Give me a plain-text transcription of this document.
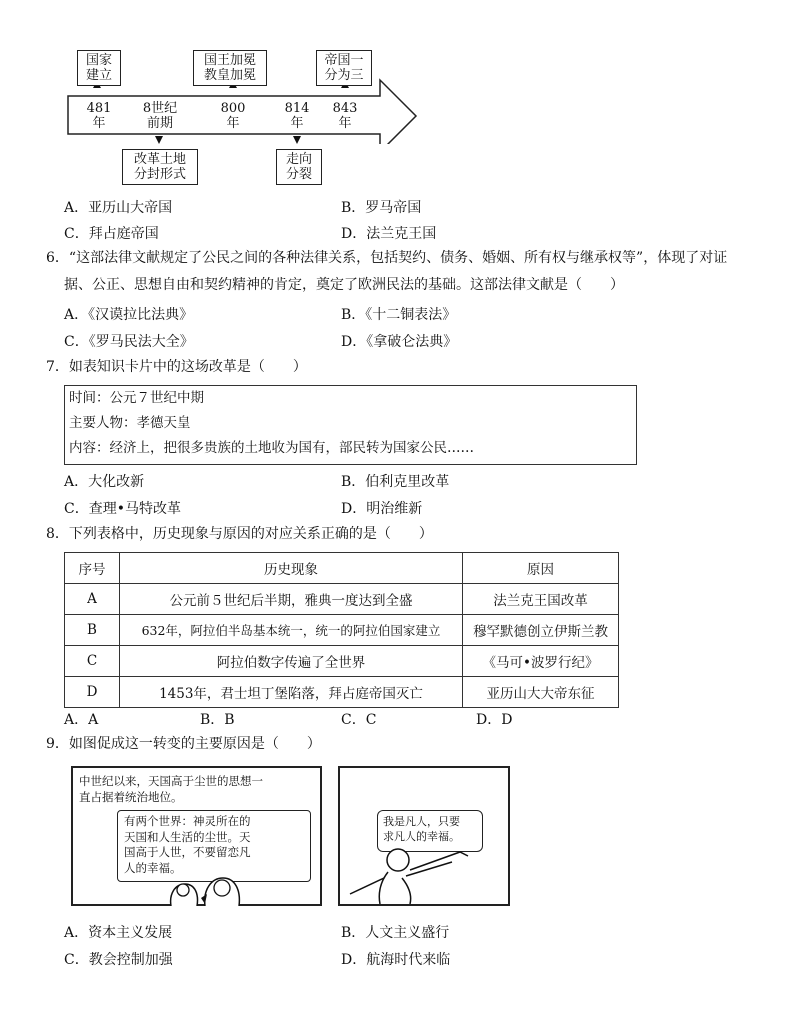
国家
建立
国王加冕
教皇加冕
帝国一
分为三
481
年
8世纪
前期
800
年
814
年
843
年
改革土地
分封形式
走向
分裂
A．亚历山大帝国	B．罗马帝国
C．拜占庭帝国	D．法兰克王国
6．“这部法律文献规定了公民之间的各种法律关系，包括契约、债务、婚姻、所有权与继承权等”，体现了对证
据、公正、思想自由和契约精神的肯定，奠定了欧洲民法的基础。这部法律文献是（　　）
A．《汉谟拉比法典》	B．《十二铜表法》
C．《罗马民法大全》	D．《拿破仑法典》
7．如表知识卡片中的这场改革是（　　）
时间：公元７世纪中期
主要人物：孝德天皇
内容：经济上，把很多贵族的土地收为国有，部民转为国家公民……
A．大化改新	B．伯利克里改革
C．查理•马特改革	D．明治维新
8．下列表格中，历史现象与原因的对应关系正确的是（　　）
序号	历史现象	原因
A	公元前５世纪后半期，雅典一度达到全盛	法兰克王国改革
B	632年，阿拉伯半岛基本统一，统一的阿拉伯国家建立	穆罕默德创立伊斯兰教
C	阿拉伯数字传遍了全世界	《马可•波罗行纪》
D	1453年，君士坦丁堡陷落，拜占庭帝国灭亡	亚历山大大帝东征
A．A	B．B	C．C	D．D
9．如图促成这一转变的主要原因是（　　）
中世纪以来，天国高于尘世的思想一
直占据着统治地位。
有两个世界：神灵所在的
天国和人生活的尘世。天
国高于人世，不要留恋凡
人的幸福。
我是凡人，只要
求凡人的幸福。
A．资本主义发展	B．人文主义盛行
C．教会控制加强	D．航海时代来临
